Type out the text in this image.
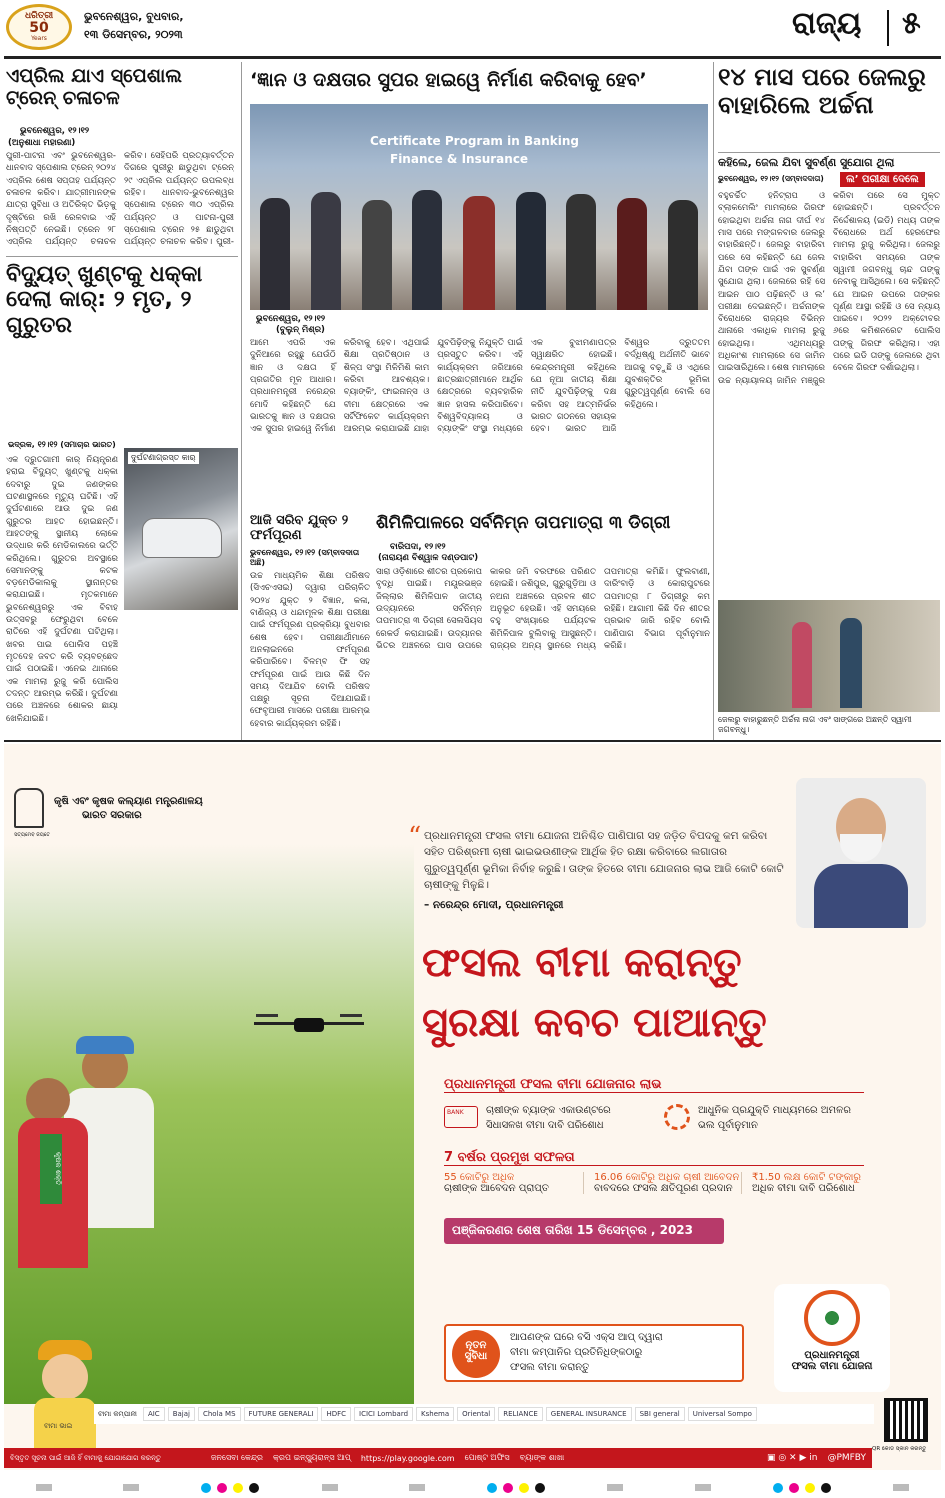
ଧରିତ୍ରୀ
50
Years
ଭୁବନେଶ୍ୱର, ବୁଧବାର,
୧୩ ଡିସେମ୍ବର, ୨୦୨୩	ରାଜ୍ୟ ୫
ଏପ୍ରିଲ ଯାଏ ସ୍ପେଶାଲ ଟ୍ରେନ୍ ଚଳାଚଳ
ଭୁବନେଶ୍ୱର, ୧୨।୧୨
(ଅନୁଶାଧା ମହାରଣା)
ପୁରୀ-ପାଟନା ଏବଂ ଭୁବନେଶ୍ୱର-ଧାନବାଦ ସ୍ପେଶାଲ ଟ୍ରେନ୍ ୨୦୨୪ ଏପ୍ରିଲ ଶେଷ ସପ୍ତାହ ପର୍ଯ୍ୟନ୍ତ ଚଳାଚଳ କରିବ। ଯାତ୍ରୀମାନଙ୍କ ଯାତ୍ରା ସୁବିଧା ଓ ଅତିରିକ୍ତ ଭିଡ଼କୁ ଦୃଷ୍ଟିରେ ରଖି ରେଳବାଇ ଏହି ନିଷ୍ପତ୍ତି ନେଇଛି। ଟ୍ରେନ ୨୮ ଏପ୍ରିଲ ପର୍ଯ୍ୟନ୍ତ ଚଳାଚଳ କରିବ। ସେହିପରି ପ୍ରତ୍ୟାବର୍ତ୍ତନ ଦିଗରେ ପୁରୀରୁ ଛାଡୁଥିବା ଟ୍ରେନ୍ ୨୯ ଏପ୍ରିଲ ପର୍ଯ୍ୟନ୍ତ ଉପଲବ୍ଧ ରହିବ। ଧାନବାଦ-ଭୁବନେଶ୍ୱର ସ୍ପେଶାଲ ଟ୍ରେନ ୩୦ ଏପ୍ରିଲ ପର୍ଯ୍ୟନ୍ତ ଓ ପାଟନା-ପୁରୀ ସ୍ପେଶାଲ ଟ୍ରେନ ୨୫ ଛାଡୁଥିବା ପର୍ଯ୍ୟନ୍ତ ଚଳାଚଳ କରିବ। ପୁରୀ-
ବିଦ୍ୟୁତ୍ ଖୁଣ୍ଟକୁ ଧକ୍କା ଦେଲା କାର୍: ୨ ମୃତ, ୨ ଗୁରୁତର
ଭଦ୍ରକ, ୧୨।୧୨ (ସମାଚାର ଭାରତ)
ଦୁର୍ଘଟଣାଗ୍ରସ୍ତ କାର୍
ଏକ ଦ୍ରୁତଗାମୀ କାର୍ ନିୟନ୍ତ୍ରଣ ହରାଇ ବିଦ୍ୟୁତ୍ ଖୁଣ୍ଟକୁ ଧକ୍କା ଦେବାରୁ ଦୁଇ ଜଣଙ୍କର ଘଟଣାସ୍ଥଳରେ ମୃତ୍ୟୁ ଘଟିଛି। ଏହି ଦୁର୍ଘଟଣାରେ ଆଉ ଦୁଇ ଜଣ ଗୁରୁତର ଆହତ ହୋଇଛନ୍ତି। ଆହତଙ୍କୁ ସ୍ଥାନୀୟ ଲୋକେ ଉଦ୍ଧାର କରି ମେଡିକାଲରେ ଭର୍ତ୍ତି କରିଥିଲେ। ଗୁରୁତର ଅବସ୍ଥାରେ ସେମାନଙ୍କୁ କଟକ ବଡ଼ମେଡିକାଲକୁ ସ୍ଥାନାନ୍ତର କରାଯାଇଛି। ମୃତକମାନେ ଭୁବନେଶ୍ୱରରୁ ଏକ ବିବାହ ଉତ୍ସବରୁ ଫେରୁଥିବା ବେଳେ ରାତିରେ ଏହି ଦୁର୍ଘଟଣା ଘଟିଥିଲା। ଖବର ପାଇ ପୋଲିସ ପହଞ୍ଚି ମୃତଦେହ ଜବତ କରି ବ୍ୟବଚ୍ଛେଦ ପାଇଁ ପଠାଇଛି। ଏନେଇ ଥାନାରେ ଏକ ମାମଲା ରୁଜୁ କରି ପୋଲିସ ତଦନ୍ତ ଆରମ୍ଭ କରିଛି। ଦୁର୍ଘଟଣା ପରେ ଅଞ୍ଚଳରେ ଶୋକର ଛାୟା ଖେଳିଯାଇଛି।
‘ଜ୍ଞାନ ଓ ଦକ୍ଷତାର ସୁପର ହାଇୱେ ନିର୍ମାଣ କରିବାକୁ ହେବ’
Certificate Program in Banking
Finance & Insurance
ଭୁବନେଶ୍ୱର, ୧୨।୧୨
(ବୁଲୁନ୍ ମିଶ୍ର)
ଆମେ ଏପରି ଏକ ଦୁନିଆରେ ରହୁଛୁ ଯେଉଁଠି ଜ୍ଞାନ ଓ ଦକ୍ଷତା ହିଁ ପ୍ରଗତିର ମୂଳ ଆଧାର। ପ୍ରଧାନମନ୍ତ୍ରୀ ନରେନ୍ଦ୍ର ମୋଦି କହିଛନ୍ତି ଯେ ଭାରତକୁ ଜ୍ଞାନ ଓ ଦକ୍ଷତାର ଏକ ସୁପର ହାଇୱେ ନିର୍ମାଣ କରିବାକୁ ହେବ। ଏଥିପାଇଁ ଶିକ୍ଷା ପ୍ରତିଷ୍ଠାନ ଓ ଶିଳ୍ପ ସଂସ୍ଥା ମିଳିମିଶି କାମ କରିବା ଆବଶ୍ୟକ। ବ୍ୟାଙ୍କିଂ, ଫାଇନାନ୍ସ ଓ ବୀମା କ୍ଷେତ୍ରରେ ଏକ ସର୍ଟିଫିକେଟ କାର୍ଯ୍ୟକ୍ରମ ଆରମ୍ଭ କରାଯାଇଛି ଯାହା ଯୁବପିଢ଼ିଙ୍କୁ ନିଯୁକ୍ତି ପାଇଁ ପ୍ରସ୍ତୁତ କରିବ। ଏହି କାର୍ଯ୍ୟକ୍ରମ ଜରିଆରେ ଛାତ୍ରଛାତ୍ରୀମାନେ ଆର୍ଥିକ କ୍ଷେତ୍ରରେ ବ୍ୟବହାରିକ ଜ୍ଞାନ ହାସଲ କରିପାରିବେ। ବିଶ୍ୱବିଦ୍ୟାଳୟ ଓ ବ୍ୟାଙ୍କିଂ ସଂସ୍ଥା ମଧ୍ୟରେ ଏକ ବୁଝାମଣାପତ୍ର ସ୍ୱାକ୍ଷରିତ ହୋଇଛି। କେନ୍ଦ୍ରମନ୍ତ୍ରୀ କହିଥିଲେ ଯେ ନୂଆ ଜାତୀୟ ଶିକ୍ଷା ନୀତି ଯୁବପିଢ଼ିଙ୍କୁ ଦକ୍ଷ କରିବା ସହ ଆତ୍ମନିର୍ଭର ଭାରତ ଗଠନରେ ସହାୟକ ହେବ। ଭାରତ ଆଜି ବିଶ୍ୱର ଦ୍ରୁତତମ ବର୍ଦ୍ଧିଷ୍ଣୁ ଅର୍ଥନୀତି ଭାବେ ଆଗକୁ ବଢ଼ୁଛି ଓ ଏଥିରେ ଯୁବଶକ୍ତିର ଭୂମିକା ଗୁରୁତ୍ୱପୂର୍ଣ୍ଣ ବୋଲି ସେ କହିଥିଲେ।
ଆଜି ସରିବ ଯୁକ୍ତ ୨ ଫର୍ମପୂରଣ
ଭୁବନେଶ୍ୱର, ୧୨।୧୨ (ସମ୍ବାଦଦାତା ଅଛି)
ଉଚ୍ଚ ମାଧ୍ୟମିକ ଶିକ୍ଷା ପରିଷଦ (ସିଏଚଏସଇ) ଦ୍ୱାରା ପରିଚାଳିତ ୨୦୨୪ ଯୁକ୍ତ ୨ ବିଜ୍ଞାନ, କଳା, ବାଣିଜ୍ୟ ଓ ଧନ୍ଦାମୂଳକ ଶିକ୍ଷା ପରୀକ୍ଷା ପାଇଁ ଫର୍ମପୂରଣ ପ୍ରକ୍ରିୟା ବୁଧବାର ଶେଷ ହେବ। ପରୀକ୍ଷାର୍ଥୀମାନେ ଅନଲାଇନରେ ଫର୍ମପୂରଣ କରିପାରିବେ। ବିଳମ୍ବ ଫି ସହ ଫର୍ମପୂରଣ ପାଇଁ ଆଉ କିଛି ଦିନ ସମୟ ଦିଆଯିବ ବୋଲି ପରିଷଦ ପକ୍ଷରୁ ସୂଚନା ଦିଆଯାଇଛି। ଫେବୃଆରୀ ମାସରେ ପରୀକ୍ଷା ଆରମ୍ଭ ହେବାର କାର୍ଯ୍ୟକ୍ରମ ରହିଛି।
ଶିମିଳିପାଳରେ ସର୍ବନିମ୍ନ ତାପମାତ୍ରା ୩ ଡିଗ୍ରୀ
ବାରିପଦା, ୧୨।୧୨
(ନାରାୟଣ ବିଶ୍ୱାଳ ଦଣ୍ଡପାଟ)
ସାରା ଓଡ଼ିଶାରେ ଶୀତର ପ୍ରକୋପ ବୃଦ୍ଧି ପାଇଛି। ମୟୂରଭଞ୍ଜ ଜିଲ୍ଲାର ଶିମିଳିପାଳ ଜାତୀୟ ଉଦ୍ୟାନରେ ସର୍ବନିମ୍ନ ତାପମାତ୍ରା ୩ ଡିଗ୍ରୀ ସେଲସିୟସ ରେକର୍ଡ କରାଯାଇଛି। ଉଦ୍ୟାନର ଭିତର ଅଞ୍ଚଳରେ ଘାସ ଉପରେ କାକର ଜମି ବରଫରେ ପରିଣତ ହୋଇଛି। ଜଶିପୁର, ଗୁରୁଗୁଡ଼ିଆ ଓ ନଅନା ଅଞ୍ଚଳରେ ପ୍ରବଳ ଶୀତ ଅନୁଭୂତ ହେଉଛି। ଏହି ସମୟରେ ବହୁ ସଂଖ୍ୟାରେ ପର୍ଯ୍ୟଟକ ଶିମିଳିପାଳ ବୁଲିବାକୁ ଆସୁଛନ୍ତି। ରାଜ୍ୟର ଅନ୍ୟ ସ୍ଥାନରେ ମଧ୍ୟ ତାପମାତ୍ରା କମିଛି। ଫୁଲବାଣୀ, ଦାରିଂବାଡ଼ି ଓ କୋରାପୁଟରେ ତାପମାତ୍ରା ୮ ଡିଗ୍ରୀରୁ କମ ରହିଛି। ଆଗାମୀ କିଛି ଦିନ ଶୀତର ପ୍ରଭାବ ଜାରି ରହିବ ବୋଲି ପାଣିପାଗ ବିଭାଗ ପୂର୍ବାନୁମାନ କରିଛି।
୧୪ ମାସ ପରେ ଜେଲରୁ ବାହାରିଲେ ଅର୍ଚ୍ଚନା
କହିଲେ, ଜେଲ ଯିବା ସୁବର୍ଣ୍ଣ ସୁଯୋଗ ଥିଲା
ଲ’ ପରୀକ୍ଷା ଦେଲେ
ଭୁବନେଶ୍ୱର, ୧୨।୧୨ (ସମ୍ବାଦଦାତା)
ବହୁଚର୍ଚ୍ଚିତ ହନିଟ୍ରାପ ଓ ବ୍ଲାକମେଲିଂ ମାମଲାରେ ଗିରଫ ହୋଇଥିବା ଅର୍ଚ୍ଚନା ନାଗ ଦୀର୍ଘ ୧୪ ମାସ ପରେ ମଙ୍ଗଳବାର ଜେଲରୁ ବାହାରିଛନ୍ତି। ଜେଲରୁ ବାହାରିବା ପରେ ସେ କହିଛନ୍ତି ଯେ ଜେଲ ଯିବା ତାଙ୍କ ପାଇଁ ଏକ ସୁବର୍ଣ୍ଣ ସୁଯୋଗ ଥିଲା। ଜେଲରେ ରହି ସେ ଆଇନ ପାଠ ପଢ଼ିଛନ୍ତି ଓ ଲ’ ପରୀକ୍ଷା ଦେଇଛନ୍ତି। ଅର୍ଚ୍ଚନାଙ୍କ ବିରୋଧରେ ରାଜ୍ୟର ବିଭିନ୍ନ ଥାନାରେ ଏକାଧିକ ମାମଲା ରୁଜୁ ହୋଇଥିଲା। ଏଥିମଧ୍ୟରୁ ଅଧିକାଂଶ ମାମଲାରେ ସେ ଜାମିନ ପାଇସାରିଥିଲେ। ଶେଷ ମାମଲାରେ ଉଚ୍ଚ ନ୍ୟାୟାଳୟ ଜାମିନ ମଞ୍ଜୁର କରିବା ପରେ ସେ ମୁକ୍ତ ହୋଇଛନ୍ତି। ପ୍ରବର୍ତ୍ତନ ନିର୍ଦ୍ଦେଶାଳୟ (ଇଡି) ମଧ୍ୟ ତାଙ୍କ ବିରୋଧରେ ଅର୍ଥ ହେରଫେର ମାମଲା ରୁଜୁ କରିଥିଲା। ଜେଲରୁ ବାହାରିବା ସମୟରେ ତାଙ୍କ ସ୍ୱାମୀ ଜଗବନ୍ଧୁ ଚାନ୍ଦ ତାଙ୍କୁ ନେବାକୁ ଆସିଥିଲେ। ସେ କହିଛନ୍ତି ଯେ ଆଇନ ଉପରେ ତାଙ୍କର ପୂର୍ଣ୍ଣ ଆସ୍ଥା ରହିଛି ଓ ସେ ନ୍ୟାୟ ପାଇବେ। ୨୦୨୨ ଅକ୍ଟୋବର ୬ରେ କମିଶନରେଟ ପୋଲିସ ତାଙ୍କୁ ଗିରଫ କରିଥିଲା। ଏହା ପରେ ଇଡି ତାଙ୍କୁ ଜେଲରେ ଥିବା ବେଳେ ଗିରଫ ଦର୍ଶାଇଥିଲା।
ଜେଲରୁ ବାହାରୁଛନ୍ତି ଅର୍ଚ୍ଚନା ନାଗ ଏବଂ ସାଙ୍ଗରେ ଅଛନ୍ତି ସ୍ୱାମୀ ଜଗବନ୍ଧୁ।
ସତ୍ୟମେବ ଜୟତେ
କୃଷି ଏବଂ କୃଷକ କଲ୍ୟାଣ ମନ୍ତ୍ରଣାଳୟ
ଭାରତ ସରକାର
କୃଷକ ଶକ୍ତି
ବୀମା ଭାଇ
“ ପ୍ରଧାନମନ୍ତ୍ରୀ ଫସଲ ବୀମା ଯୋଜନା ଅନିଶ୍ଚିତ ପାଣିପାଗ ସହ ଜଡ଼ିତ ବିପଦକୁ କମ କରିବା ସହିତ ପରିଶ୍ରମୀ ଚାଷୀ ଭାଇଭଉଣୀଙ୍କ ଆର୍ଥିକ ହିତ ରକ୍ଷା କରିବାରେ ଲଗାତାର ଗୁରୁତ୍ୱପୂର୍ଣ୍ଣ ଭୂମିକା ନିର୍ବାହ କରୁଛି। ତାଙ୍କ ହିତରେ ବୀମା ଯୋଜନାର ଲାଭ ଆଜି କୋଟି କୋଟି ଚାଷୀଙ୍କୁ ମିଳୁଛି।
– ନରେନ୍ଦ୍ର ମୋଦୀ, ପ୍ରଧାନମନ୍ତ୍ରୀ
ଫସଲ ବୀମା କରାନ୍ତୁ
ସୁରକ୍ଷା କବଚ ପାଆନ୍ତୁ
ପ୍ରଧାନମନ୍ତ୍ରୀ ଫସଲ ବୀମା ଯୋଜନାର ଲାଭ
BANK	ଚାଷୀଙ୍କ ବ୍ୟାଙ୍କ ଏକାଉଣ୍ଟରେ ସିଧାସଳଖ ବୀମା ଦାବି ପରିଶୋଧ
ଆଧୁନିକ ପ୍ରଯୁକ୍ତି ମାଧ୍ୟମରେ ଅମଳର ଭଲ ପୂର୍ବାନୁମାନ
7 ବର୍ଷର ପ୍ରମୁଖ ସଫଳତା
55 କୋଟିରୁ ଅଧିକ
ଚାଷୀଙ୍କ ଆବେଦନ ପ୍ରାପ୍ତ
16.06 କୋଟିରୁ ଅଧିକ ଚାଷୀ ଆବେଦନ
ବାବଦରେ ଫସଲ କ୍ଷତିପୂରଣ ପ୍ରଦାନ
₹1.50 ଲକ୍ଷ କୋଟି ଟଙ୍କାରୁ
ଅଧିକ ବୀମା ଦାବି ପରିଶୋଧ
ପଞ୍ଜିକରଣର ଶେଷ ତାରିଖ 15 ଡିସେମ୍ବର , 2023
ନୂତନ
ସୁବିଧା
ଆପଣଙ୍କ ଘରେ ବସି ଏକ୍ସ ଆପ୍ ଦ୍ୱାରା
ବୀମା କମ୍ପାନିର ପ୍ରତିନିଧିଙ୍କଠାରୁ
ଫସଲ ବୀମା କରାନ୍ତୁ
ପ୍ରଧାନମନ୍ତ୍ରୀ
ଫସଲ ବୀମା ଯୋଜନା
ବୀମା କମ୍ପାନୀ	AIC	Bajaj	Chola MS	FUTURE GENERALI	HDFC	ICICI Lombard	Kshema	Oriental	RELIANCE	GENERAL INSURANCE	SBI general	Universal Sompo
QR କୋଡ ସ୍କାନ କରନ୍ତୁ
ବିସ୍ତୃତ ସୂଚନା ପାଇଁ ଆଜି ହିଁ ବୀମାକୁ ଯୋଗାଯୋଗ କରନ୍ତୁ	ଜନସେବା କେନ୍ଦ୍ର କ୍ରପ ଇନ୍ସ୍ୟୁରାନ୍ସ ଆପ୍ https://play.google.com ପୋଷ୍ଟ ଅଫିସ ବ୍ୟାଙ୍କ ଶାଖା	▣ ◎ ✕ ▶ in @PMFBY
